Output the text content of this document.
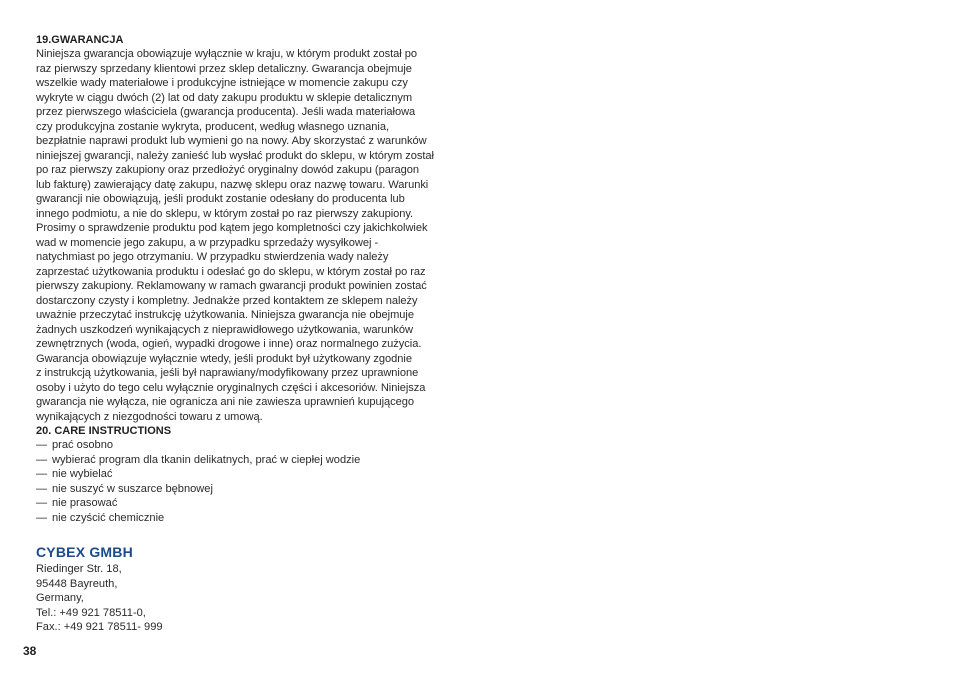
19.GWARANCJA
Niniejsza gwarancja obowiązuje wyłącznie w kraju, w którym produkt został po
raz pierwszy sprzedany klientowi przez sklep detaliczny. Gwarancja obejmuje
wszelkie wady materiałowe i produkcyjne istniejące w momencie zakupu czy
wykryte w ciągu dwóch (2) lat od daty zakupu produktu w sklepie detalicznym
przez pierwszego właściciela (gwarancja producenta). Jeśli wada materiałowa
czy produkcyjna zostanie wykryta, producent, według własnego uznania,
bezpłatnie naprawi produkt lub wymieni go na nowy. Aby skorzystać z warunków
niniejszej gwarancji, należy zanieść lub wysłać produkt do sklepu, w którym został
po raz pierwszy zakupiony oraz przedłożyć oryginalny dowód zakupu (paragon
lub fakturę) zawierający datę zakupu, nazwę sklepu oraz nazwę towaru. Warunki
gwarancji nie obowiązują, jeśli produkt zostanie odesłany do producenta lub
innego podmiotu, a nie do sklepu, w którym został po raz pierwszy zakupiony.
Prosimy o sprawdzenie produktu pod kątem jego kompletności czy jakichkolwiek
wad w momencie jego zakupu, a w przypadku sprzedaży wysyłkowej -
natychmiast po jego otrzymaniu. W przypadku stwierdzenia wady należy
zaprzestać użytkowania produktu i odesłać go do sklepu, w którym został po raz
pierwszy zakupiony. Reklamowany w ramach gwarancji produkt powinien zostać
dostarczony czysty i kompletny. Jednakże przed kontaktem ze sklepem należy
uważnie przeczytać instrukcję użytkowania. Niniejsza gwarancja nie obejmuje
żadnych uszkodzeń wynikających z nieprawidłowego użytkowania, warunków
zewnętrznych (woda, ogień, wypadki drogowe i inne) oraz normalnego zużycia.
Gwarancja obowiązuje wyłącznie wtedy, jeśli produkt był użytkowany zgodnie
z instrukcją użytkowania, jeśli był naprawiany/modyfikowany przez uprawnione
osoby i użyto do tego celu wyłącznie oryginalnych części i akcesoriów. Niniejsza
gwarancja nie wyłącza, nie ogranicza ani nie zawiesza uprawnień kupującego
wynikających z niezgodności towaru z umową.
20. CARE INSTRUCTIONS
— prać osobno
— wybierać program dla tkanin delikatnych, prać w ciepłej wodzie
— nie wybielać
— nie suszyć w suszarce bębnowej
— nie prasować
— nie czyścić chemicznie
CYBEX GMBH
Riedinger Str. 18,
95448 Bayreuth,
Germany,
Tel.: +49 921 78511-0,
Fax.: +49 921 78511- 999
38
